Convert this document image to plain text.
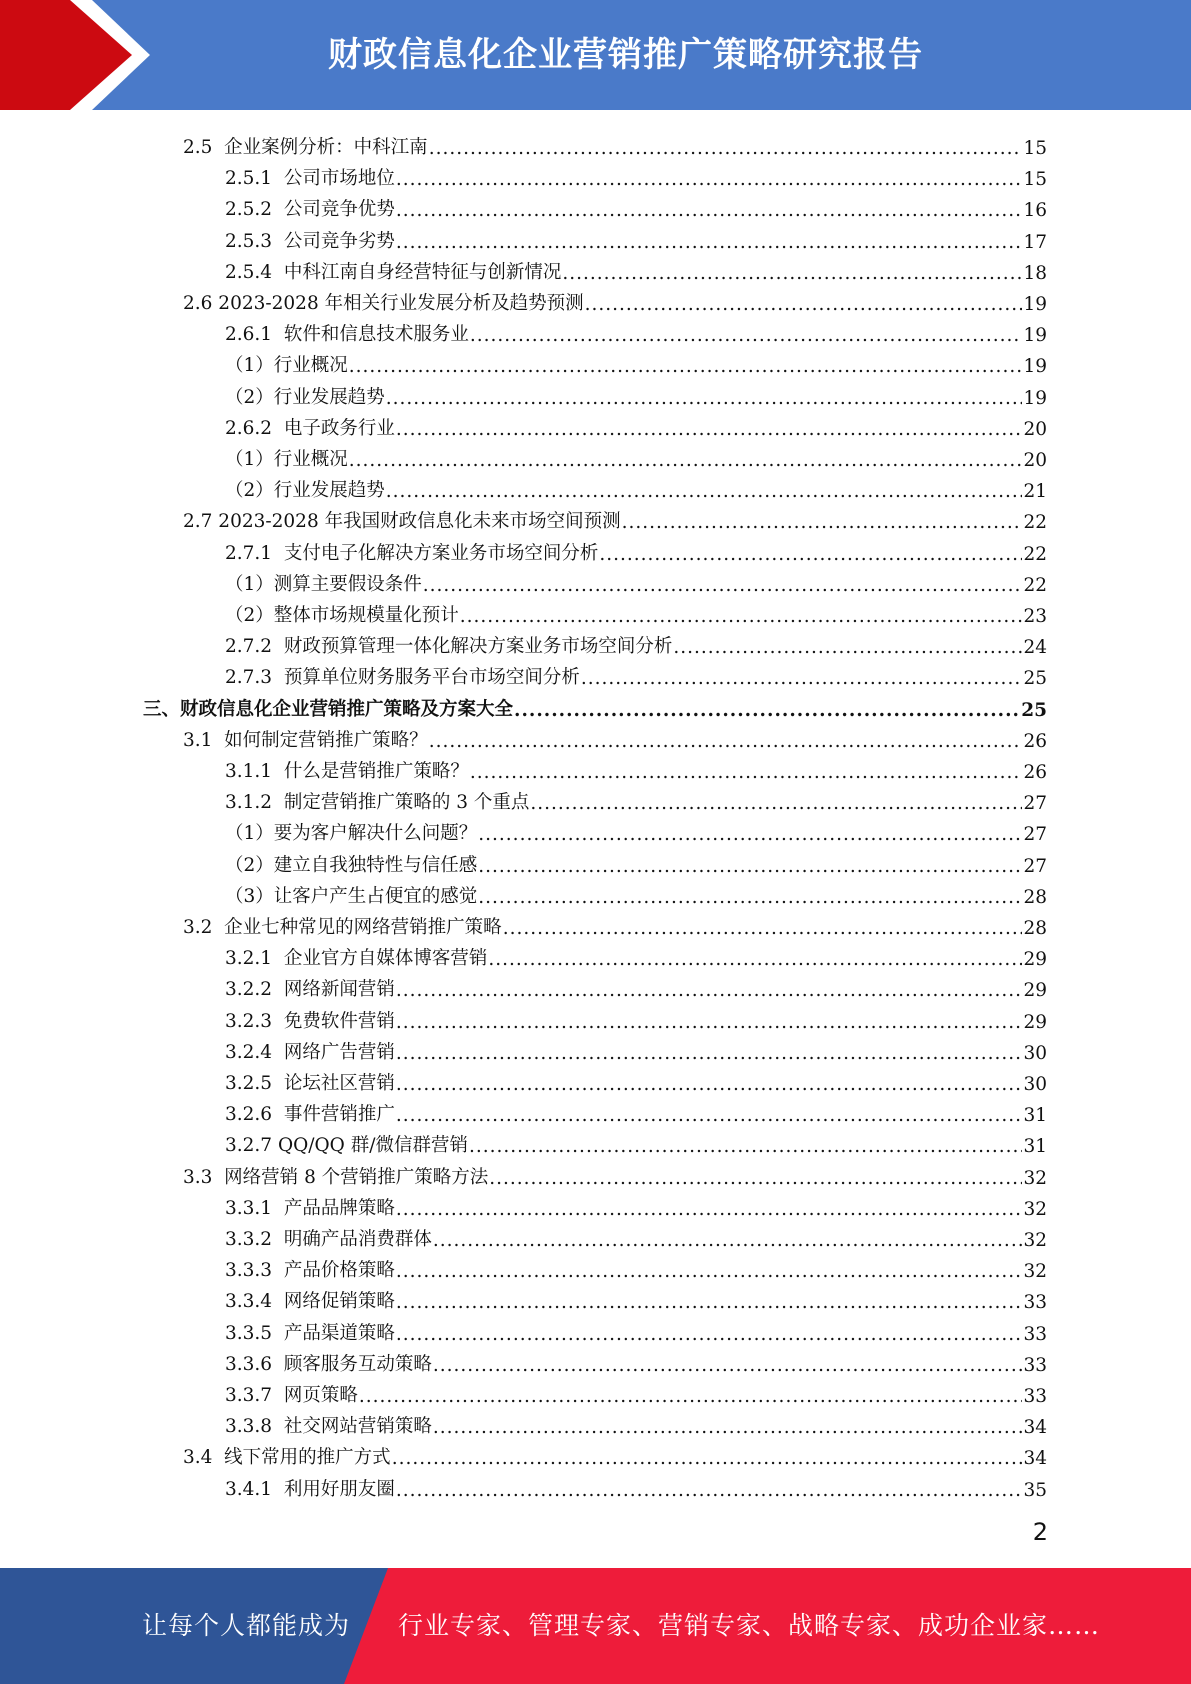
财政信息化企业营销推广策略研究报告
2.5  企业案例分析：中科江南 .....	15
2.5.1  公司市场地位 .....	15
2.5.2  公司竞争优势 .....	16
2.5.3  公司竞争劣势 .....	17
2.5.4  中科江南自身经营特征与创新情况 .....	18
2.6 2023-2028 年相关行业发展分析及趋势预测 .....	19
2.6.1  软件和信息技术服务业 .....	19
（1）行业概况 .....	19
（2）行业发展趋势 .....	19
2.6.2  电子政务行业 .....	20
（1）行业概况 .....	20
（2）行业发展趋势 .....	21
2.7 2023-2028 年我国财政信息化未来市场空间预测 .....	22
2.7.1  支付电子化解决方案业务市场空间分析 .....	22
（1）测算主要假设条件 .....	22
（2）整体市场规模量化预计 .....	23
2.7.2  财政预算管理一体化解决方案业务市场空间分析 .....	24
2.7.3  预算单位财务服务平台市场空间分析 .....	25
三、财政信息化企业营销推广策略及方案大全 .....	25
3.1  如何制定营销推广策略？ .....	26
3.1.1  什么是营销推广策略？ .....	26
3.1.2  制定营销推广策略的 3 个重点 .....	27
（1）要为客户解决什么问题？ .....	27
（2）建立自我独特性与信任感 .....	27
（3）让客户产生占便宜的感觉 .....	28
3.2  企业七种常见的网络营销推广策略 .....	28
3.2.1  企业官方自媒体博客营销 .....	29
3.2.2  网络新闻营销 .....	29
3.2.3  免费软件营销 .....	29
3.2.4  网络广告营销 .....	30
3.2.5  论坛社区营销 .....	30
3.2.6  事件营销推广 .....	31
3.2.7 QQ/QQ 群/微信群营销 .....	31
3.3  网络营销 8 个营销推广策略方法 .....	32
3.3.1  产品品牌策略 .....	32
3.3.2  明确产品消费群体 .....	32
3.3.3  产品价格策略 .....	32
3.3.4  网络促销策略 .....	33
3.3.5  产品渠道策略 .....	33
3.3.6  顾客服务互动策略 .....	33
3.3.7  网页策略 .....	33
3.3.8  社交网站营销策略 .....	34
3.4  线下常用的推广方式 .....	34
3.4.1  利用好朋友圈 .....	35
2
让每个人都能成为 行业专家、管理专家、营销专家、战略专家、成功企业家……
